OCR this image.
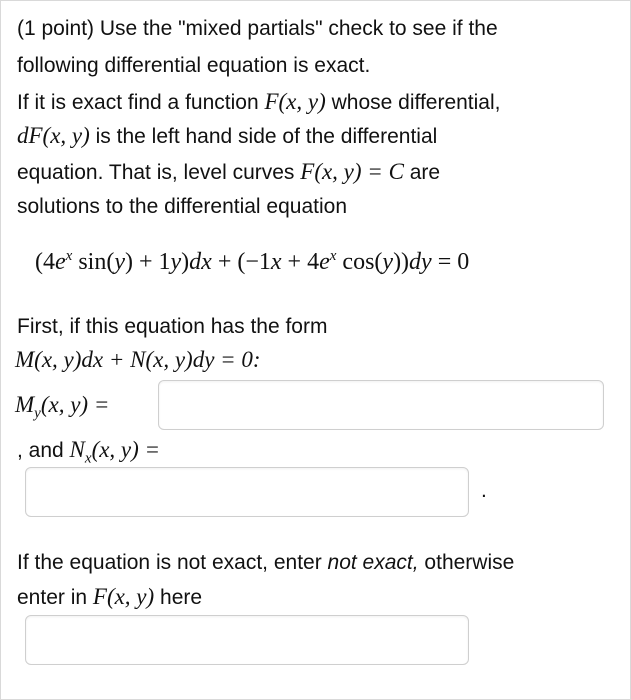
(1 point) Use the "mixed partials" check to see if the
following differential equation is exact.
If it is exact find a function F(x, y) whose differential,
dF(x, y) is the left hand side of the differential
equation. That is, level curves F(x, y) = C are
solutions to the differential equation
($4e^x$ $\sin(y) + 1y)dx + (-1x + 4e^x$ cos(y))dy = 0
First, if this equation has the form
M(x, y)dx + N(x, y)dy = 0:
$M_y(x$, y) =
, and $N_x(x$, y) =
.
If the equation is not exact, enter not exact, otherwise
enter in F(x, y) here
